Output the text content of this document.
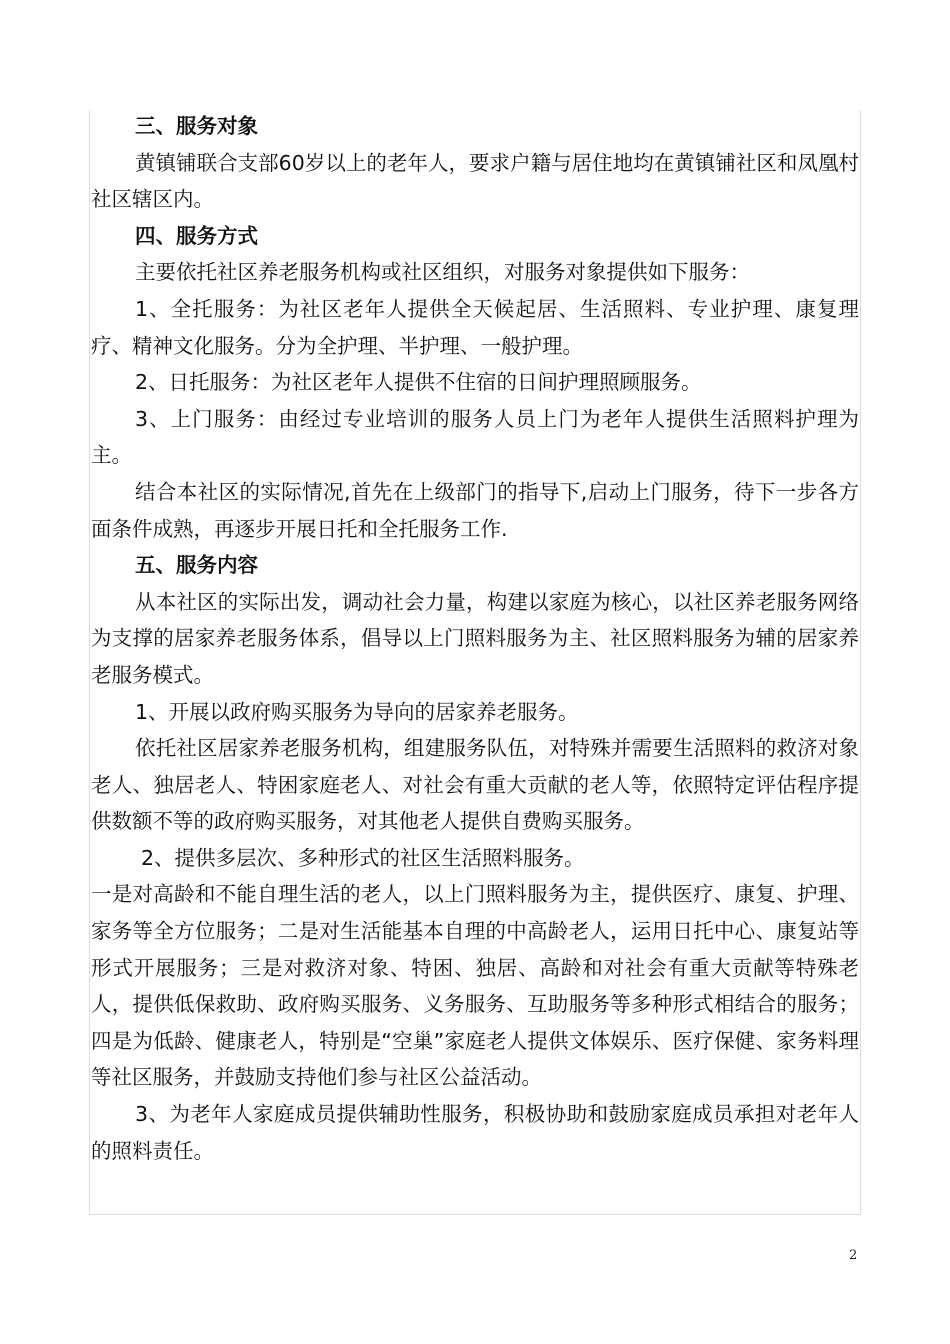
三、服务对象

黄镇铺联合支部60岁以上的老年人，要求户籍与居住地均在黄镇铺社区和凤凰村社区辖区内。

四、服务方式

主要依托社区养老服务机构或社区组织，对服务对象提供如下服务：

1、全托服务：为社区老年人提供全天候起居、生活照料、专业护理、康复理疗、精神文化服务。分为全护理、半护理、一般护理。

2、日托服务：为社区老年人提供不住宿的日间护理照顾服务。

3、上门服务：由经过专业培训的服务人员上门为老年人提供生活照料护理为主。

结合本社区的实际情况,首先在上级部门的指导下,启动上门服务，待下一步各方面条件成熟，再逐步开展日托和全托服务工作.

五、服务内容

从本社区的实际出发，调动社会力量，构建以家庭为核心，以社区养老服务网络为支撑的居家养老服务体系，倡导以上门照料服务为主、社区照料服务为辅的居家养老服务模式。

1、开展以政府购买服务为导向的居家养老服务。

依托社区居家养老服务机构，组建服务队伍，对特殊并需要生活照料的救济对象老人、独居老人、特困家庭老人、对社会有重大贡献的老人等，依照特定评估程序提供数额不等的政府购买服务，对其他老人提供自费购买服务。

2、提供多层次、多种形式的社区生活照料服务。

一是对高龄和不能自理生活的老人，以上门照料服务为主，提供医疗、康复、护理、家务等全方位服务；二是对生活能基本自理的中高龄老人，运用日托中心、康复站等形式开展服务；三是对救济对象、特困、独居、高龄和对社会有重大贡献等特殊老人，提供低保救助、政府购买服务、义务服务、互助服务等多种形式相结合的服务；四是为低龄、健康老人，特别是“空巢”家庭老人提供文体娱乐、医疗保健、家务料理等社区服务，并鼓励支持他们参与社区公益活动。

3、为老年人家庭成员提供辅助性服务，积极协助和鼓励家庭成员承担对老年人的照料责任。

2
